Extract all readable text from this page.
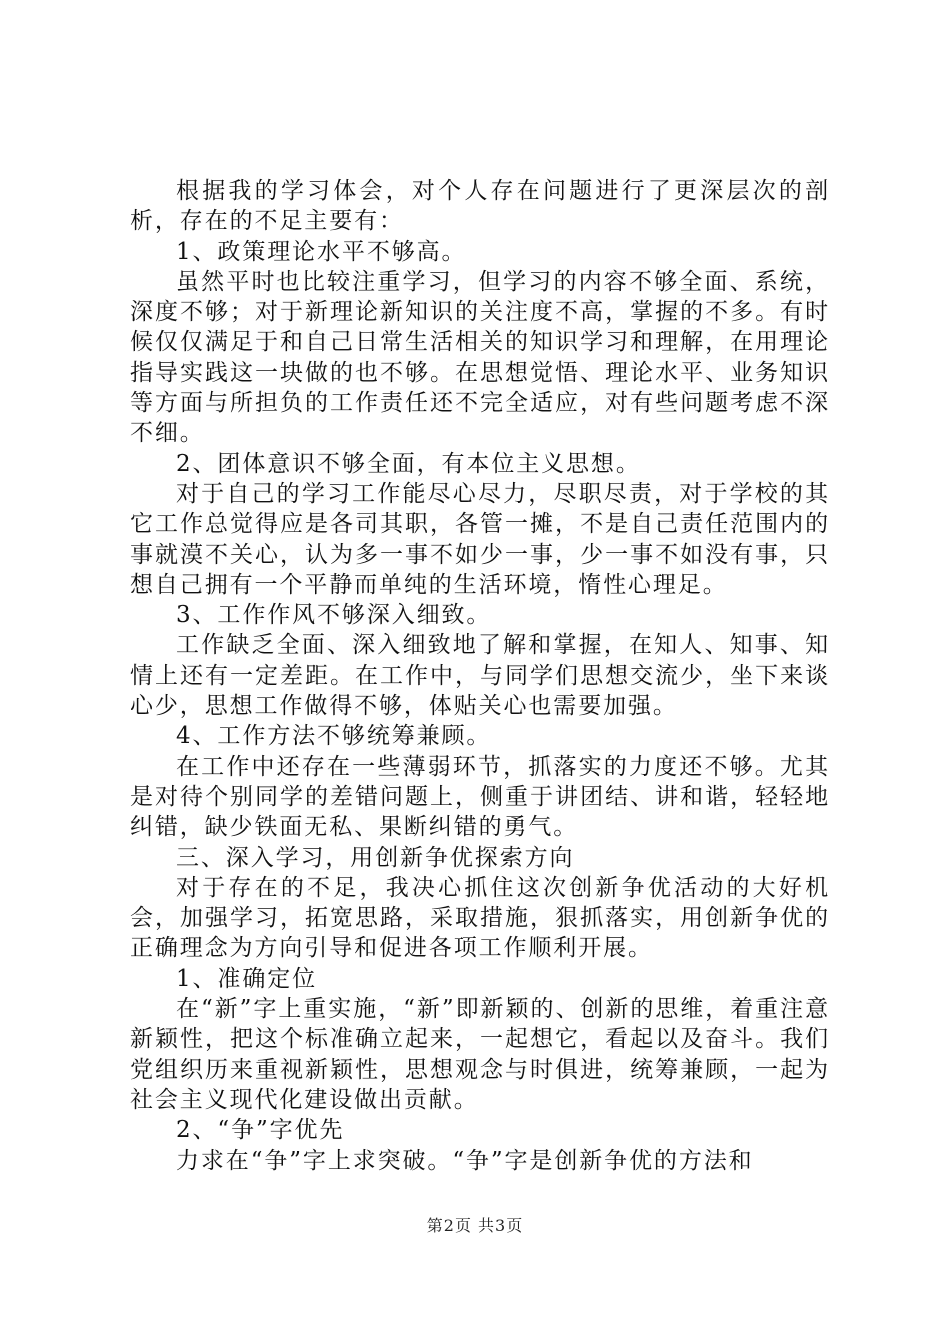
根据我的学习体会，对个人存在问题进行了更深层次的剖析，存在的不足主要有：

1、政策理论水平不够高。

虽然平时也比较注重学习，但学习的内容不够全面、系统，深度不够；对于新理论新知识的关注度不高，掌握的不多。有时候仅仅满足于和自己日常生活相关的知识学习和理解，在用理论指导实践这一块做的也不够。在思想觉悟、理论水平、业务知识等方面与所担负的工作责任还不完全适应，对有些问题考虑不深不细。

2、团体意识不够全面，有本位主义思想。

对于自己的学习工作能尽心尽力，尽职尽责，对于学校的其它工作总觉得应是各司其职，各管一摊，不是自己责任范围内的事就漠不关心，认为多一事不如少一事，少一事不如没有事，只想自己拥有一个平静而单纯的生活环境，惰性心理足。

3、工作作风不够深入细致。

工作缺乏全面、深入细致地了解和掌握，在知人、知事、知情上还有一定差距。在工作中，与同学们思想交流少，坐下来谈心少，思想工作做得不够，体贴关心也需要加强。

4、工作方法不够统筹兼顾。

在工作中还存在一些薄弱环节，抓落实的力度还不够。尤其是对待个别同学的差错问题上，侧重于讲团结、讲和谐，轻轻地纠错，缺少铁面无私、果断纠错的勇气。

三、深入学习，用创新争优探索方向

对于存在的不足，我决心抓住这次创新争优活动的大好机会，加强学习，拓宽思路，采取措施，狠抓落实，用创新争优的正确理念为方向引导和促进各项工作顺利开展。

1、准确定位

在“新”字上重实施，“新”即新颖的、创新的思维，着重注意新颖性，把这个标准确立起来，一起想它，看起以及奋斗。我们党组织历来重视新颖性，思想观念与时俱进，统筹兼顾，一起为社会主义现代化建设做出贡献。

2、“争”字优先

力求在“争”字上求突破。“争”字是创新争优的方法和

第2页 共3页
